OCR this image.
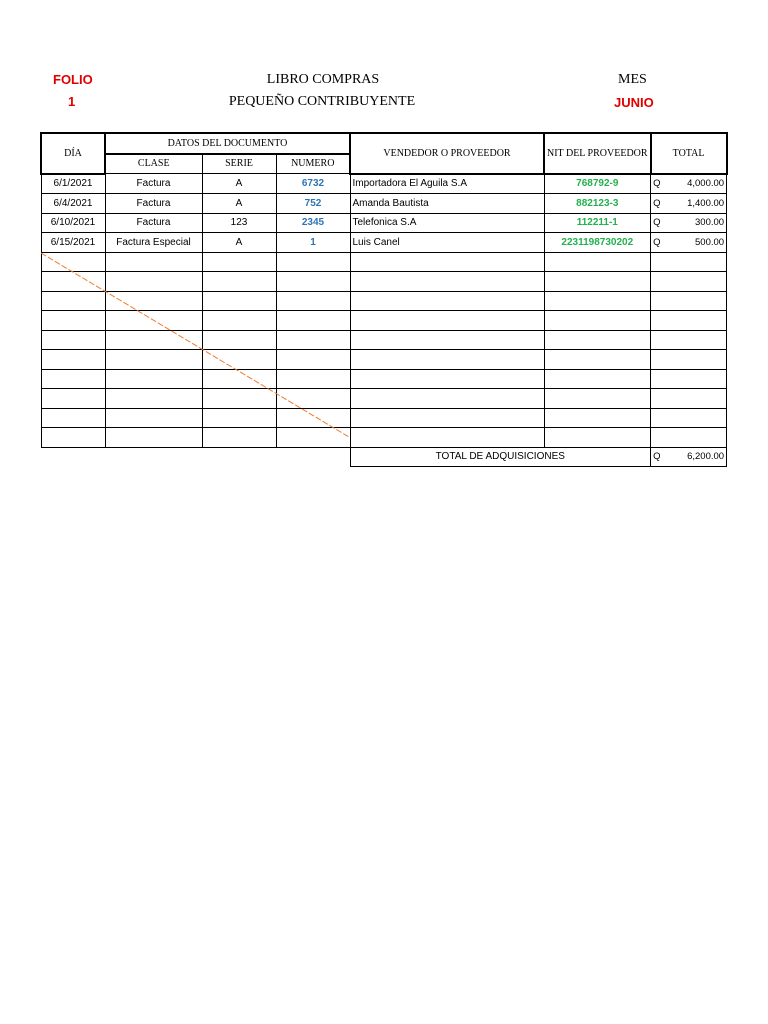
FOLIO
1
LIBRO COMPRAS
PEQUEÑO CONTRIBUYENTE
MES
JUNIO
DÍA	DATOS DEL DOCUMENTO			VENDEDOR O PROVEEDOR	NIT DEL PROVEEDOR	TOTAL
	CLASE	SERIE	NUMERO			
6/1/2021	Factura	A	6732	Importadora El Aguila S.A	768792-9	Q 4,000.00

6/4/2021	Factura	A	752	Amanda Bautista	882123-3	Q 1,400.00

6/10/2021	Factura	123	2345	Telefonica S.A	112211-1	Q 300.00

6/15/2021	Factura Especial	A	1	Luis Canel	2231198730202	Q 500.00

				TOTAL DE ADQUISICIONES		Q 6,200.00
